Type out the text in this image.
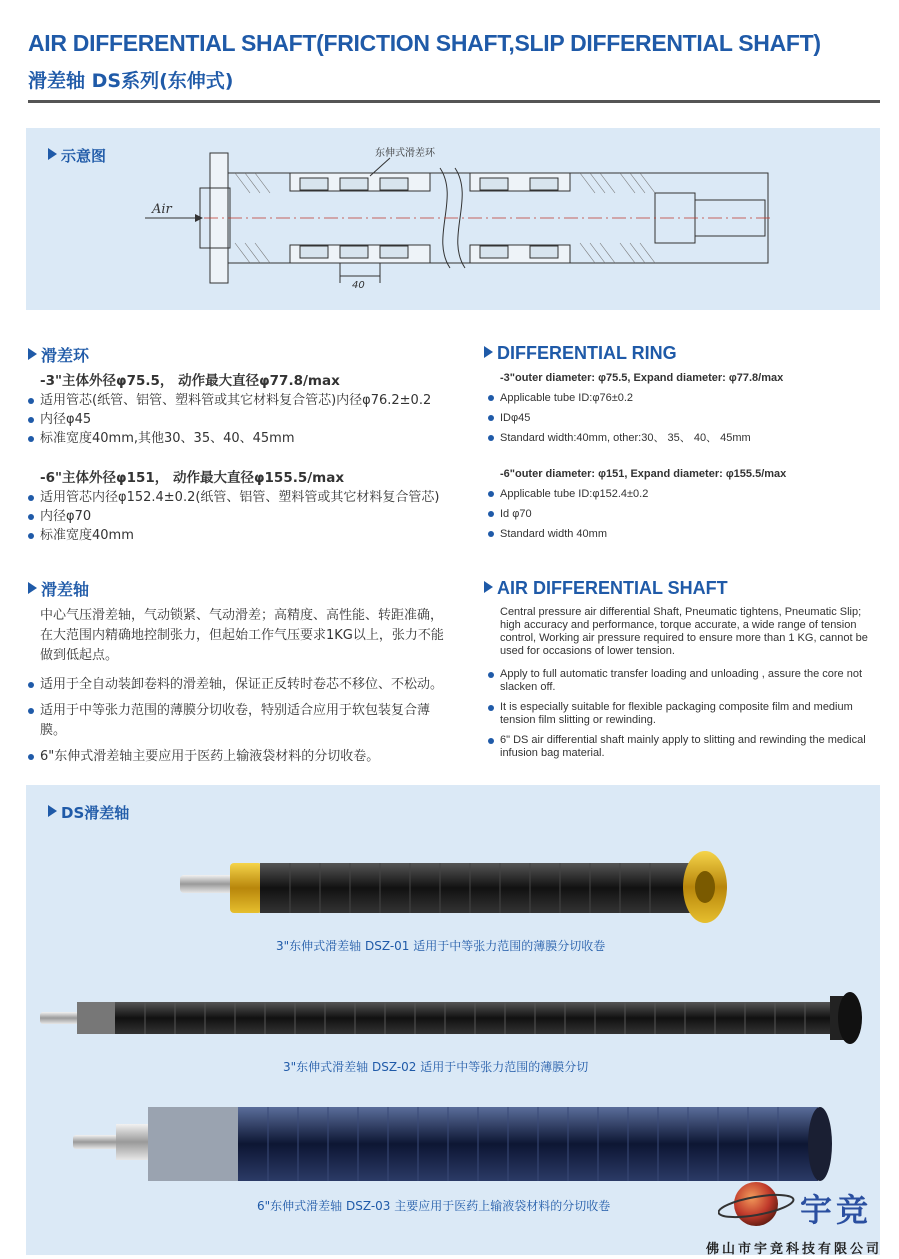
AIR DIFFERENTIAL SHAFT(FRICTION SHAFT,SLIP DIFFERENTIAL SHAFT)
滑差轴 DS系列(东伸式)
示意图
Air
东伸式滑差环
40
滑差环
-3"主体外径φ75.5， 动作最大直径φ77.8/max
适用管芯(纸管、铝管、塑料管或其它材料复合管芯)内径φ76.2±0.2
内径φ45
标准宽度40mm,其他30、35、40、45mm
-6"主体外径φ151， 动作最大直径φ155.5/max
适用管芯内径φ152.4±0.2(纸管、铝管、塑料管或其它材料复合管芯)
内径φ70
标准宽度40mm
DIFFERENTIAL RING
-3"outer diameter: φ75.5, Expand diameter: φ77.8/max
Applicable tube ID:φ76±0.2
IDφ45
Standard width:40mm, other:30、 35、 40、 45mm
-6"outer diameter: φ151, Expand diameter: φ155.5/max
Applicable tube ID:φ152.4±0.2
Id φ70
Standard width 40mm
滑差轴
中心气压滑差轴，气动锁紧、气动滑差；高精度、高性能、转距准确，在大范围内精确地控制张力，但起始工作气压要求1KG以上，张力不能做到低起点。
适用于全自动装卸卷料的滑差轴，保证正反转时卷芯不移位、不松动。
适用于中等张力范围的薄膜分切收卷，特别适合应用于软包装复合薄膜。
6"东伸式滑差轴主要应用于医药上输液袋材料的分切收卷。
AIR DIFFERENTIAL SHAFT
Central pressure air differential Shaft, Pneumatic tightens, Pneumatic Slip; high accuracy and performance, torque accurate, a wide range of tension control, Working air pressure required to ensure more than 1 KG, cannot be used for occasions of lower tension.
Apply to full automatic transfer loading and unloading , assure the core not slacken off.
It is especially suitable for flexible packaging composite film and medium tension film slitting or rewinding.
6" DS air differential shaft mainly apply to slitting and rewinding the medical infusion bag material.
DS滑差轴
3"东伸式滑差轴 DSZ-01 适用于中等张力范围的薄膜分切收卷
3"东伸式滑差轴 DSZ-02 适用于中等张力范围的薄膜分切
6"东伸式滑差轴 DSZ-03 主要应用于医药上输液袋材料的分切收卷	宇竞
佛山市宇竞科技有限公司
